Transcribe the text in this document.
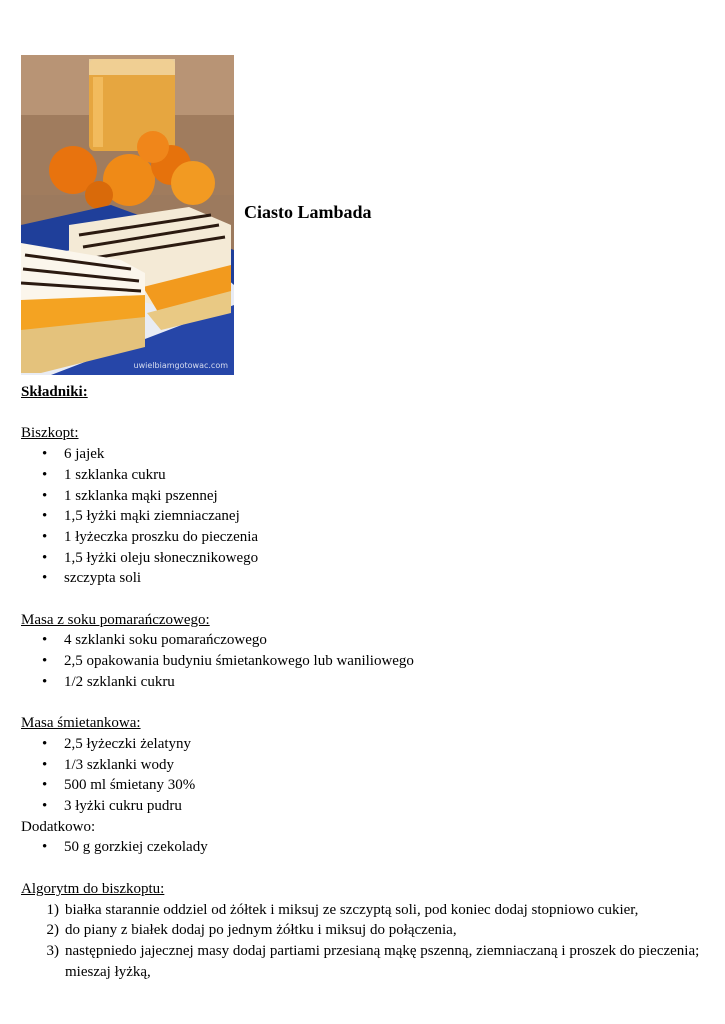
uwielbiamgotowac.com
Ciasto Lambada
Składniki:
Biszkopt:
• 6 jajek
• 1 szklanka cukru
• 1 szklanka mąki pszennej
• 1,5 łyżki mąki ziemniaczanej
• 1 łyżeczka proszku do pieczenia
• 1,5 łyżki oleju słonecznikowego
• szczypta soli
Masa z soku pomarańczowego:
• 4 szklanki soku pomarańczowego
• 2,5 opakowania budyniu śmietankowego lub waniliowego
• 1/2 szklanki cukru
Masa śmietankowa:
• 2,5 łyżeczki żelatyny
• 1/3 szklanki wody
• 500 ml śmietany 30%
• 3 łyżki cukru pudru
Dodatkowo:
• 50 g gorzkiej czekolady
Algorytm do biszkoptu:
1) białka starannie oddziel od żółtek i miksuj ze szczyptą soli, pod koniec dodaj stopniowo cukier,
2) do piany z białek dodaj po jednym żółtku i miksuj do połączenia,
3) następniedo jajecznej masy dodaj partiami przesianą mąkę pszenną, ziemniaczaną i proszek do pieczenia; mieszaj łyżką,
